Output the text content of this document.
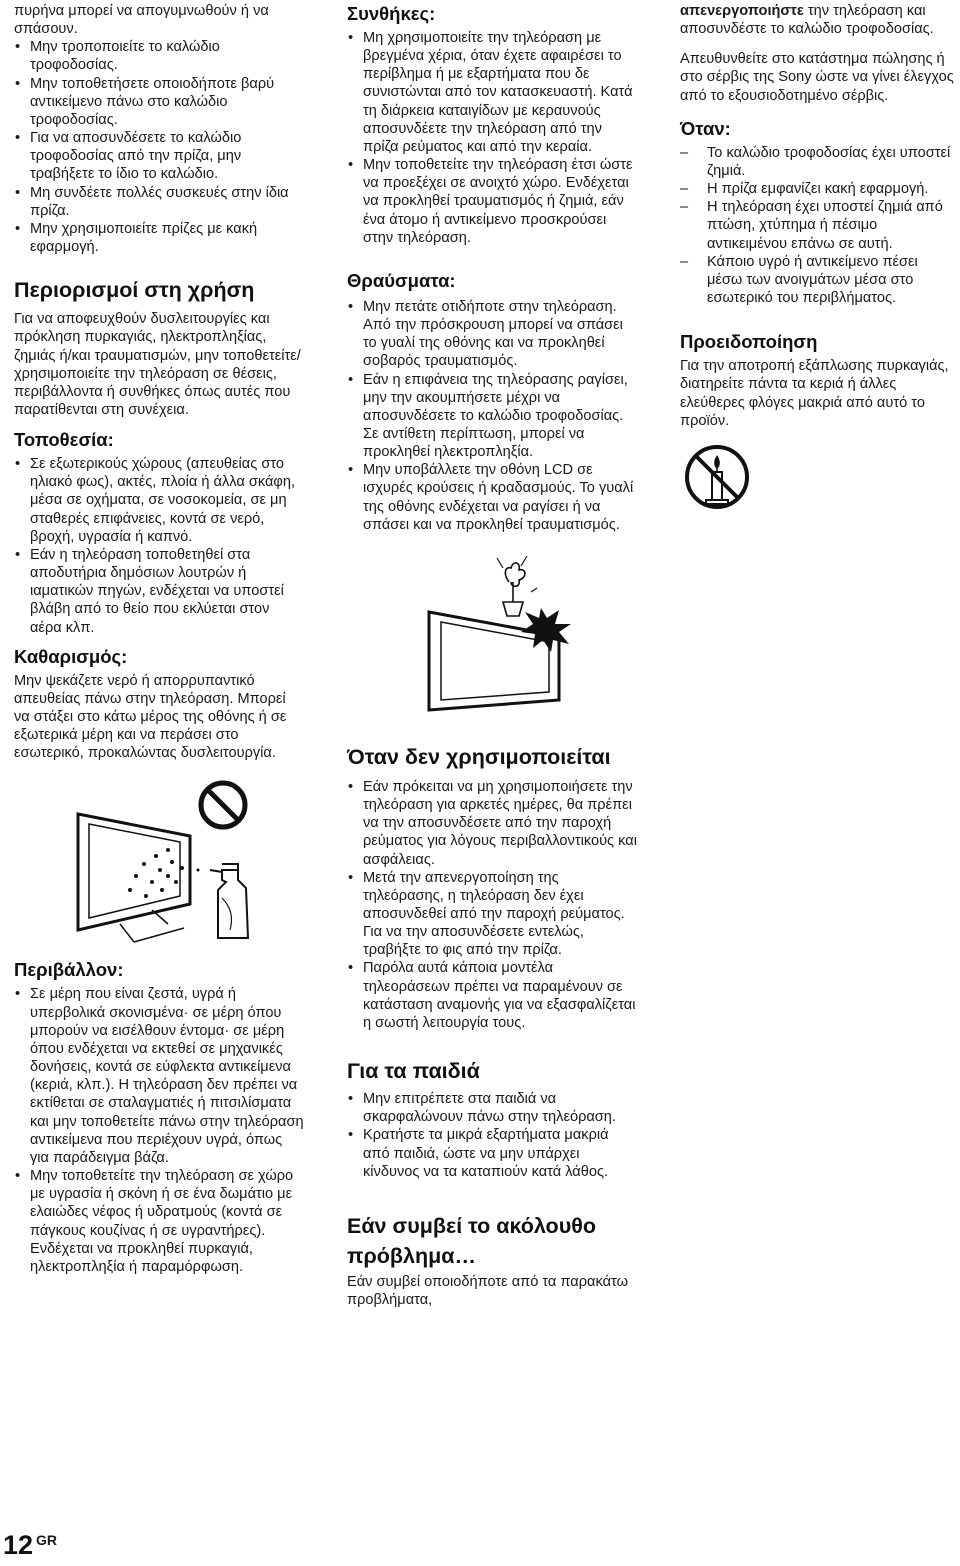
πυρήνα μπορεί να απογυμνωθούν ή να σπάσουν.
• Μην τροποποιείτε το καλώδιο τροφοδοσίας.
• Μην τοποθετήσετε οποιοδήποτε βαρύ αντικείμενο πάνω στο καλώδιο τροφοδοσίας.
• Για να αποσυνδέσετε το καλώδιο τροφοδοσίας από την πρίζα, μην τραβήξετε το ίδιο το καλώδιο.
• Μη συνδέετε πολλές συσκευές στην ίδια πρίζα.
• Μην χρησιμοποιείτε πρίζες με κακή εφαρμογή.
Περιορισμοί στη χρήση

Για να αποφευχθούν δυσλειτουργίες και πρόκληση πυρκαγιάς, ηλεκτροπληξίας, ζημιάς ή/και τραυματισμών, μην τοποθετείτε/χρησιμοποιείτε την τηλεόραση σε θέσεις, περιβάλλοντα ή συνθήκες όπως αυτές που παρατίθενται στη συνέχεια.

Τοποθεσία:
• Σε εξωτερικούς χώρους (απευθείας στο ηλιακό φως), ακτές, πλοία ή άλλα σκάφη, μέσα σε οχήματα, σε νοσοκομεία, σε μη σταθερές επιφάνειες, κοντά σε νερό, βροχή, υγρασία ή καπνό.
• Εάν η τηλεόραση τοποθετηθεί στα αποδυτήρια δημόσιων λουτρών ή ιαματικών πηγών, ενδέχεται να υποστεί βλάβη από το θείο που εκλύεται στον αέρα κλπ.
Καθαρισμός:

Μην ψεκάζετε νερό ή απορρυπαντικό απευθείας πάνω στην τηλεόραση. Μπορεί να στάξει στο κάτω μέρος της οθόνης ή σε εξωτερικά μέρη και να περάσει στο εσωτερικό, προκαλώντας δυσλειτουργία.

Περιβάλλον:
• Σε μέρη που είναι ζεστά, υγρά ή υπερβολικά σκονισμένα· σε μέρη όπου μπορούν να εισέλθουν έντομα· σε μέρη όπου ενδέχεται να εκτεθεί σε μηχανικές δονήσεις, κοντά σε εύφλεκτα αντικείμενα (κεριά, κλπ.). Η τηλεόραση δεν πρέπει να εκτίθεται σε σταλαγματιές ή πιτσιλίσματα και μην τοποθετείτε πάνω στην τηλεόραση αντικείμενα που περιέχουν υγρά, όπως για παράδειγμα βάζα.
• Μην τοποθετείτε την τηλεόραση σε χώρο με υγρασία ή σκόνη ή σε ένα δωμάτιο με ελαιώδες νέφος ή υδρατμούς (κοντά σε πάγκους κουζίνας ή σε υγραντήρες). Ενδέχεται να προκληθεί πυρκαγιά, ηλεκτροπληξία ή παραμόρφωση.
Συνθήκες:
• Μη χρησιμοποιείτε την τηλεόραση με βρεγμένα χέρια, όταν έχετε αφαιρέσει το περίβλημα ή με εξαρτήματα που δε συνιστώνται από τον κατασκευαστή. Κατά τη διάρκεια καταιγίδων με κεραυνούς αποσυνδέετε την τηλεόραση από την πρίζα ρεύματος και από την κεραία.
• Μην τοποθετείτε την τηλεόραση έτσι ώστε να προεξέχει σε ανοιχτό χώρο. Ενδέχεται να προκληθεί τραυματισμός ή ζημιά, εάν ένα άτομο ή αντικείμενο προσκρούσει στην τηλεόραση.
Θραύσματα:
• Μην πετάτε οτιδήποτε στην τηλεόραση. Από την πρόσκρουση μπορεί να σπάσει το γυαλί της οθόνης και να προκληθεί σοβαρός τραυματισμός.
• Εάν η επιφάνεια της τηλεόρασης ραγίσει, μην την ακουμπήσετε μέχρι να αποσυνδέσετε το καλώδιο τροφοδοσίας. Σε αντίθετη περίπτωση, μπορεί να προκληθεί ηλεκτροπληξία.
• Μην υποβάλλετε την οθόνη LCD σε ισχυρές κρούσεις ή κραδασμούς. Το γυαλί της οθόνης ενδέχεται να ραγίσει ή να σπάσει και να προκληθεί τραυματισμός.
Όταν δεν χρησιμοποιείται
• Εάν πρόκειται να μη χρησιμοποιήσετε την τηλεόραση για αρκετές ημέρες, θα πρέπει να την αποσυνδέσετε από την παροχή ρεύματος για λόγους περιβαλλοντικούς και ασφάλειας.
• Μετά την απενεργοποίηση της τηλεόρασης, η τηλεόραση δεν έχει αποσυνδεθεί από την παροχή ρεύματος. Για να την αποσυνδέσετε εντελώς, τραβήξτε το φις από την πρίζα.
• Παρόλα αυτά κάποια μοντέλα τηλεοράσεων πρέπει να παραμένουν σε κατάσταση αναμονής για να εξασφαλίζεται η σωστή λειτουργία τους.
Για τα παιδιά
• Μην επιτρέπετε στα παιδιά να σκαρφαλώνουν πάνω στην τηλεόραση.
• Κρατήστε τα μικρά εξαρτήματα μακριά από παιδιά, ώστε να μην υπάρχει κίνδυνος να τα καταπιούν κατά λάθος.
Εάν συμβεί το ακόλουθο πρόβλημα…

Εάν συμβεί οποιοδήποτε από τα παρακάτω προβλήματα,

απενεργοποιήστε την τηλεόραση και αποσυνδέστε το καλώδιο τροφοδοσίας.

Απευθυνθείτε στο κατάστημα πώλησης ή στο σέρβις της Sony ώστε να γίνει έλεγχος από το εξουσιοδοτημένο σέρβις.

Όταν:
– Το καλώδιο τροφοδοσίας έχει υποστεί ζημιά.
– Η πρίζα εμφανίζει κακή εφαρμογή.
– Η τηλεόραση έχει υποστεί ζημιά από πτώση, χτύπημα ή πέσιμο αντικειμένου επάνω σε αυτή.
– Κάποιο υγρό ή αντικείμενο πέσει μέσω των ανοιγμάτων μέσα στο εσωτερικό του περιβλήματος.
Προειδοποίηση

Για την αποτροπή εξάπλωσης πυρκαγιάς, διατηρείτε πάντα τα κεριά ή άλλες ελεύθερες φλόγες μακριά από αυτό το προϊόν.

12 GR
